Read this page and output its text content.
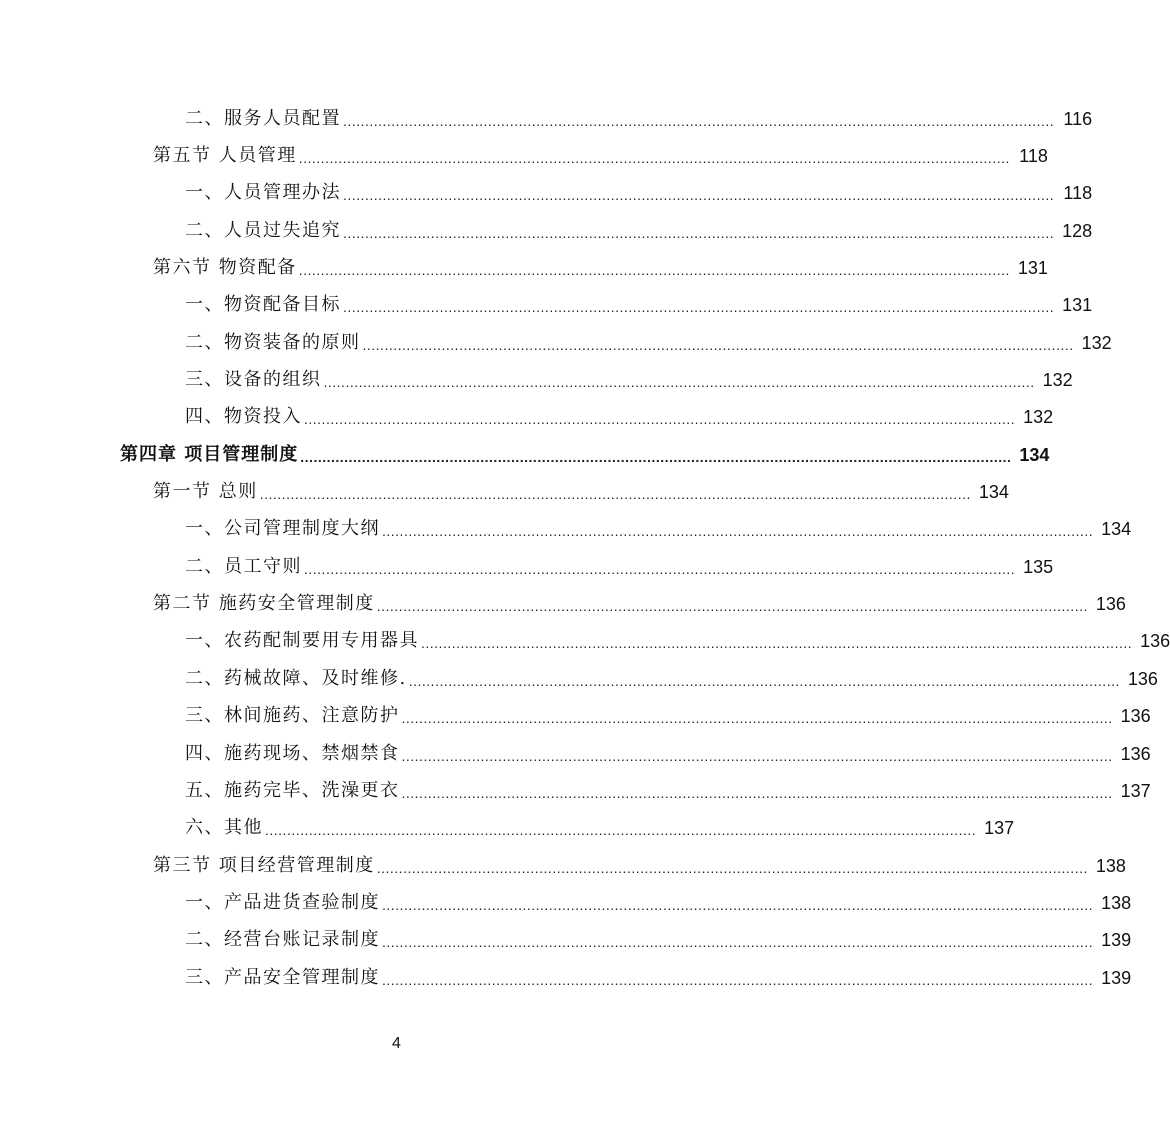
二、服务人员配置 .................................................................................................................................................................. 116
第五节 人员管理 .................................................................................................................................................................. 118
一、人员管理办法 .................................................................................................................................................................. 118
二、人员过失追究 .................................................................................................................................................................. 128
第六节 物资配备 .................................................................................................................................................................. 131
一、物资配备目标 .................................................................................................................................................................. 131
二、物资装备的原则 .................................................................................................................................................................. 132
三、设备的组织 .................................................................................................................................................................. 132
四、物资投入 .................................................................................................................................................................. 132
第四章 项目管理制度 .................................................................................................................................................................. 134
第一节 总则 .................................................................................................................................................................. 134
一、公司管理制度大纲 .................................................................................................................................................................. 134
二、员工守则 .................................................................................................................................................................. 135
第二节 施药安全管理制度 .................................................................................................................................................................. 136
一、农药配制要用专用器具 .................................................................................................................................................................. 136
二、药械故障、及时维修. .................................................................................................................................................................. 136
三、林间施药、注意防护 .................................................................................................................................................................. 136
四、施药现场、禁烟禁食 .................................................................................................................................................................. 136
五、施药完毕、洗澡更衣 .................................................................................................................................................................. 137
六、其他 .................................................................................................................................................................. 137
第三节 项目经营管理制度 .................................................................................................................................................................. 138
一、产品进货查验制度 .................................................................................................................................................................. 138
二、经营台账记录制度 .................................................................................................................................................................. 139
三、产品安全管理制度 .................................................................................................................................................................. 139
4
